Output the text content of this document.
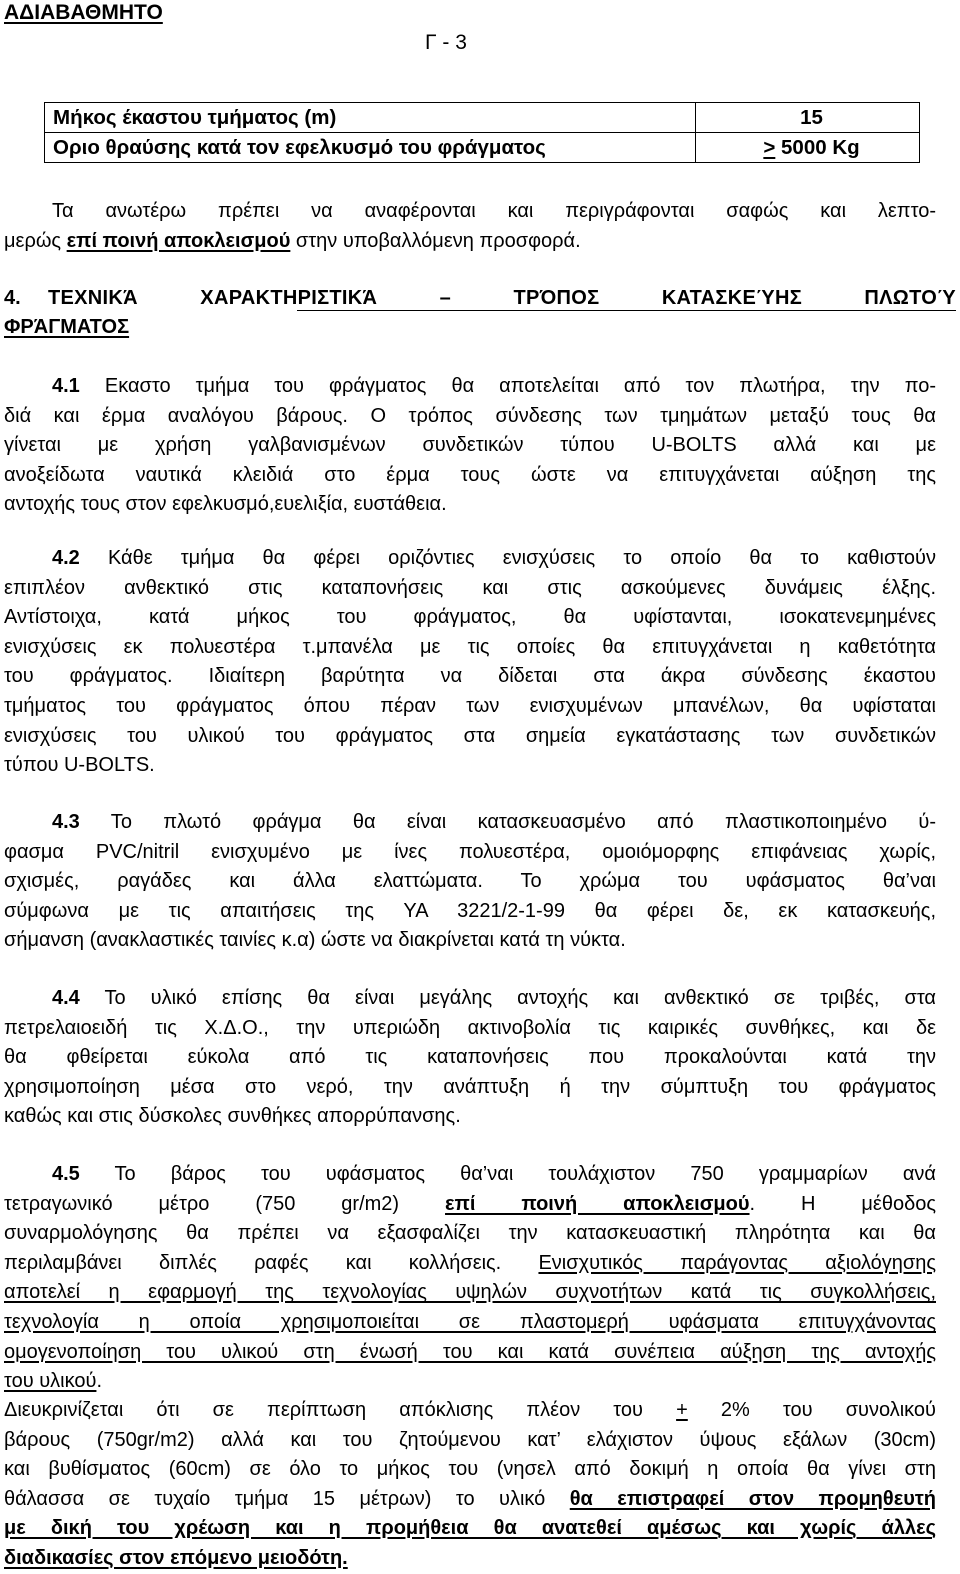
ΑΔΙΑΒΑΘΜΗΤΟ
Γ - 3
Μήκος έκαστου τμήματος (m)	15
Οριο θραύσης κατά τον εφελκυσμό του φράγματος	≥ 5000 Kg
Τα ανωτέρω πρέπει να αναφέρονται και περιγράφονται σαφώς και λεπτο-
μερώς επί ποινή αποκλεισμού στην υποβαλλόμενη προσφορά.
4. ΤΕΧΝΙΚΆ ΧΑΡΑΚΤΗΡΙΣΤΙΚΆ – ΤΡΌΠΟΣ ΚΑΤΑΣΚΕΎΗΣ ΠΛΩΤΟΎ
ΦΡΆΓΜΑΤΟΣ
4.1 Εκαστο τμήμα του φράγματος θα αποτελείται από τον πλωτήρα, την πο-
διά και έρμα αναλόγου βάρους. Ο τρόπος σύνδεσης των τμημάτων μεταξύ τους θα
γίνεται με χρήση γαλβανισμένων συνδετικών τύπου U-BOLTS αλλά και με
ανοξείδωτα ναυτικά κλειδιά στο έρμα τους ώστε να επιτυγχάνεται αύξηση της
αντοχής τους στον εφελκυσμό,ευελιξία, ευστάθεια.
4.2 Κάθε τμήμα θα φέρει οριζόντιες ενισχύσεις το οποίο θα το καθιστούν
επιπλέον ανθεκτικό στις καταπονήσεις και στις ασκούμενες δυνάμεις έλξης.
Αντίστοιχα, κατά μήκος του φράγματος, θα υφίστανται, ισοκατενεμημένες
ενισχύσεις εκ πολυεστέρα τ.μπανέλα με τις οποίες θα επιτυγχάνεται η καθετότητα
του φράγματος. Ιδιαίτερη βαρύτητα να δίδεται στα άκρα σύνδεσης έκαστου
τμήματος του φράγματος όπου πέραν των ενισχυμένων μπανέλων, θα υφίσταται
ενισχύσεις του υλικού του φράγματος στα σημεία εγκατάστασης των συνδετικών
τύπου U-BOLTS.
4.3 Το πλωτό φράγμα θα είναι κατασκευασμένο από πλαστικοποιημένο ύ-
φασμα PVC/nitril ενισχυμένο με ίνες πολυεστέρα, ομοιόμορφης επιφάνειας χωρίς,
σχισμές, ραγάδες και άλλα ελαττώματα. Το χρώμα του υφάσματος θα’ναι
σύμφωνα με τις απαιτήσεις της ΥΑ 3221/2-1-99 θα φέρει δε, εκ κατασκευής,
σήμανση (ανακλαστικές ταινίες κ.α) ώστε να διακρίνεται κατά τη νύκτα.
4.4 Το υλικό επίσης θα είναι μεγάλης αντοχής και ανθεκτικό σε τριβές, στα
πετρελαιοειδή τις Χ.Δ.Ο., την υπεριώδη ακτινοβολία τις καιρικές συνθήκες, και δε
θα φθείρεται εύκολα από τις καταπονήσεις που προκαλούνται κατά την
χρησιμοποίηση μέσα στο νερό, την ανάπτυξη ή την σύμπτυξη του φράγματος
καθώς και στις δύσκολες συνθήκες απορρύπανσης.
4.5 Το βάρος του υφάσματος θα’ναι τουλάχιστον 750 γραμμαρίων ανά
τετραγωνικό μέτρο (750 gr/m2) επί ποινή αποκλεισμού. Η μέθοδος
συναρμολόγησης θα πρέπει να εξασφαλίζει την κατασκευαστική πληρότητα και θα
περιλαμβάνει διπλές ραφές και κολλήσεις. Ενισχυτικός παράγοντας αξιολόγησης
αποτελεί η εφαρμογή της τεχνολογίας υψηλών συχνοτήτων κατά τις συγκολλήσεις,
τεχνολογία η οποία χρησιμοποιείται σε πλαστομερή υφάσματα επιτυγχάνοντας
ομογενοποίηση του υλικού στη ένωσή του και κατά συνέπεια αύξηση της αντοχής
του υλικού.
Διευκρινίζεται ότι σε περίπτωση απόκλισης πλέον του + 2% του συνολικού
βάρους (750gr/m2) αλλά και του ζητούμενου κατ’ ελάχιστον ύψους εξάλων (30cm)
και βυθίσματος (60cm) σε όλο το μήκος του (νησελ από δοκιμή η οποία θα γίνει στη
θάλασσα σε τυχαίο τμήμα 15 μέτρων) το υλικό θα επιστραφεί στον προμηθευτή
με δική του χρέωση και η προμήθεια θα ανατεθεί αμέσως και χωρίς άλλες
διαδικασίες στον επόμενο μειοδότη.
